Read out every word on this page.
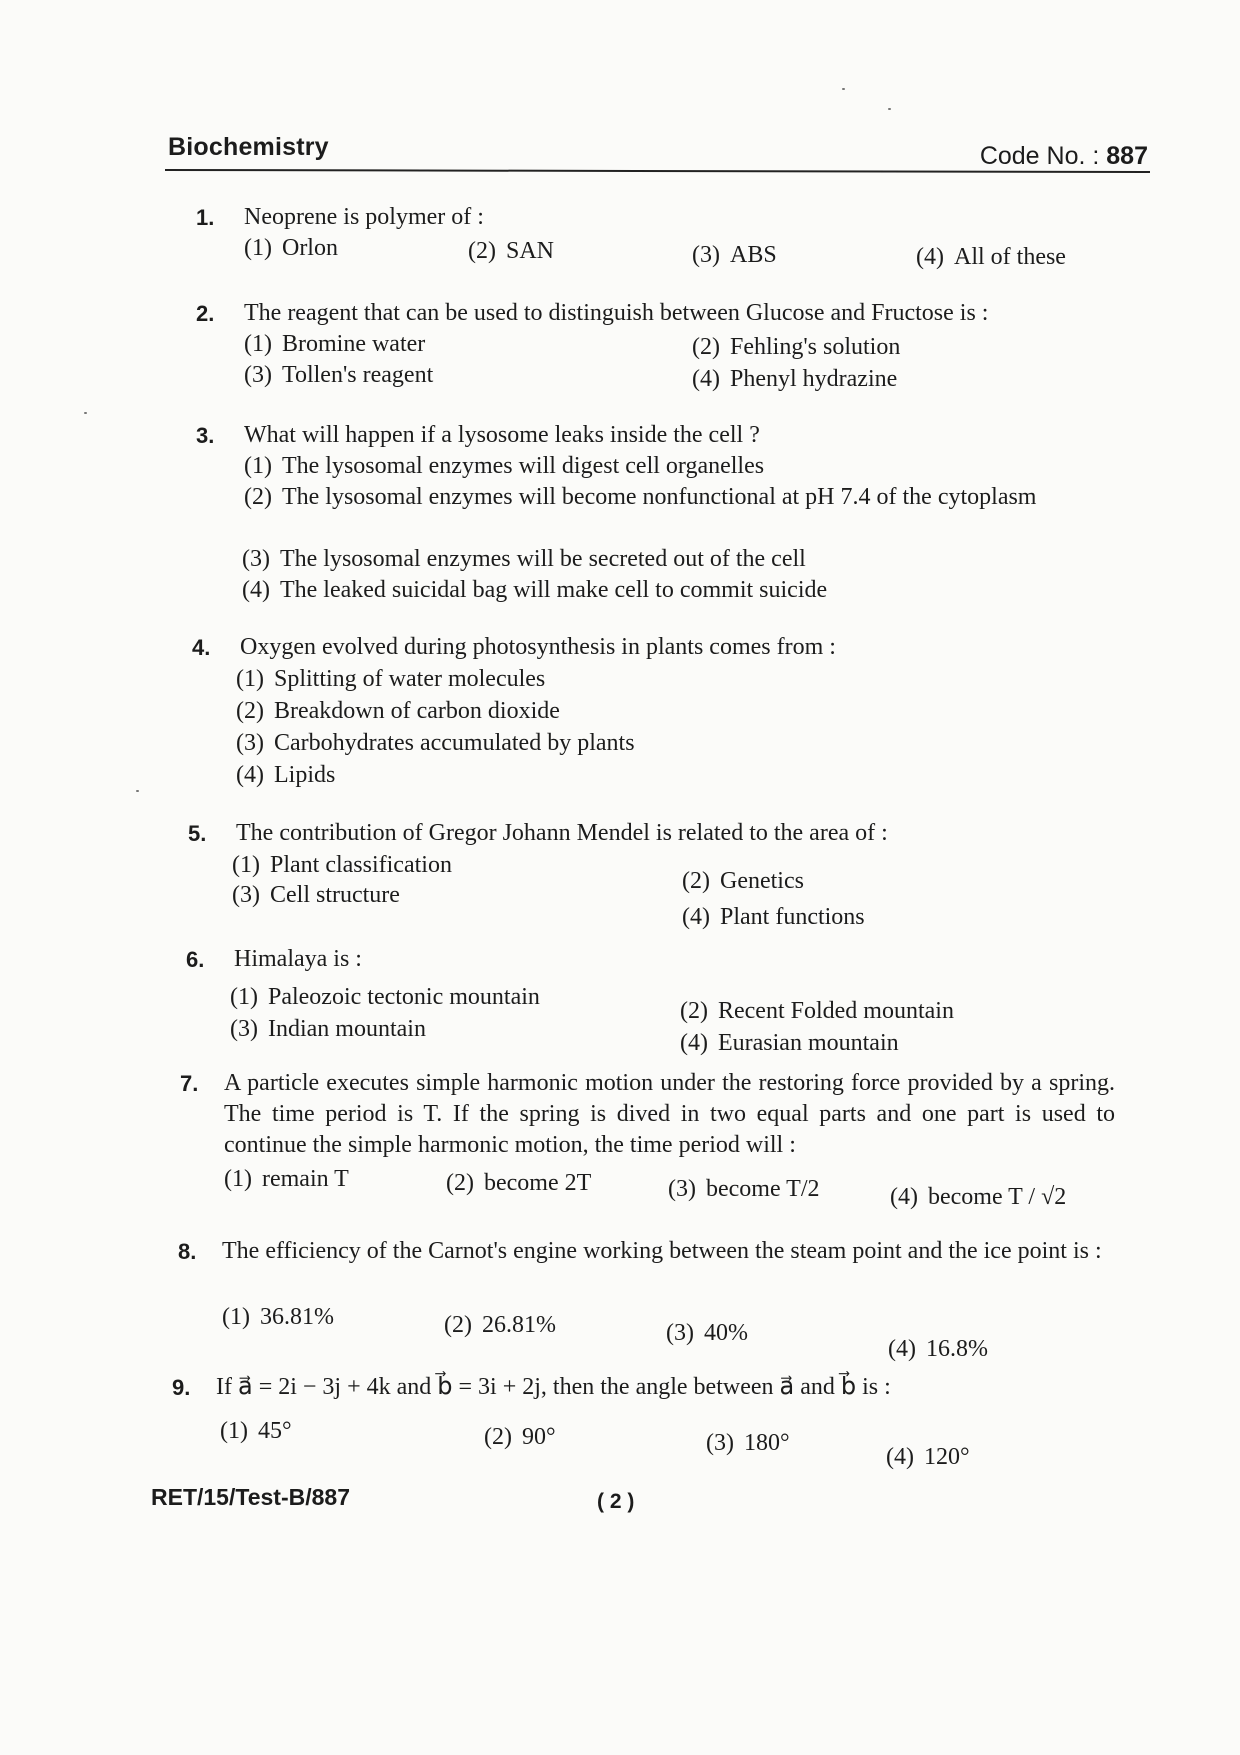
Biochemistry	Code No. : 887
1.	Neoprene is polymer of :
(1) Orlon	(2) SAN	(3) ABS	(4) All of these
2.	The reagent that can be used to distinguish between Glucose and Fructose is :
(1) Bromine water	(2) Fehling's solution
(3) Tollen's reagent	(4) Phenyl hydrazine
3.	What will happen if a lysosome leaks inside the cell ?
(1) The lysosomal enzymes will digest cell organelles
(2) The lysosomal enzymes will become nonfunctional at pH 7.4 of the cytoplasm
(3) The lysosomal enzymes will be secreted out of the cell
(4) The leaked suicidal bag will make cell to commit suicide
4.	Oxygen evolved during photosynthesis in plants comes from :
(1) Splitting of water molecules
(2) Breakdown of carbon dioxide
(3) Carbohydrates accumulated by plants
(4) Lipids
5.	The contribution of Gregor Johann Mendel is related to the area of :
(1) Plant classification
(2) Genetics
(3) Cell structure
(4) Plant functions
6.	Himalaya is :
(1) Paleozoic tectonic mountain
(2) Recent Folded mountain
(3) Indian mountain
(4) Eurasian mountain
7.	A particle executes simple harmonic motion under the restoring force provided by a spring. The time period is T. If the spring is dived in two equal parts and one part is used to continue the simple harmonic motion, the time period will :
(1) remain T	(2) become 2T	(3) become T/2	(4) become T / √2
8.	The efficiency of the Carnot's engine working between the steam point and the ice point is :
(1) 36.81%	(2) 26.81%	(3) 40%
(4) 16.8%
9.	If a⃗ = 2i − 3j + 4k and b⃗ = 3i + 2j, then the angle between a⃗ and b⃗ is :
(1) 45°	(2) 90°	(3) 180°
(4) 120°
RET/15/Test-B/887	( 2 )
